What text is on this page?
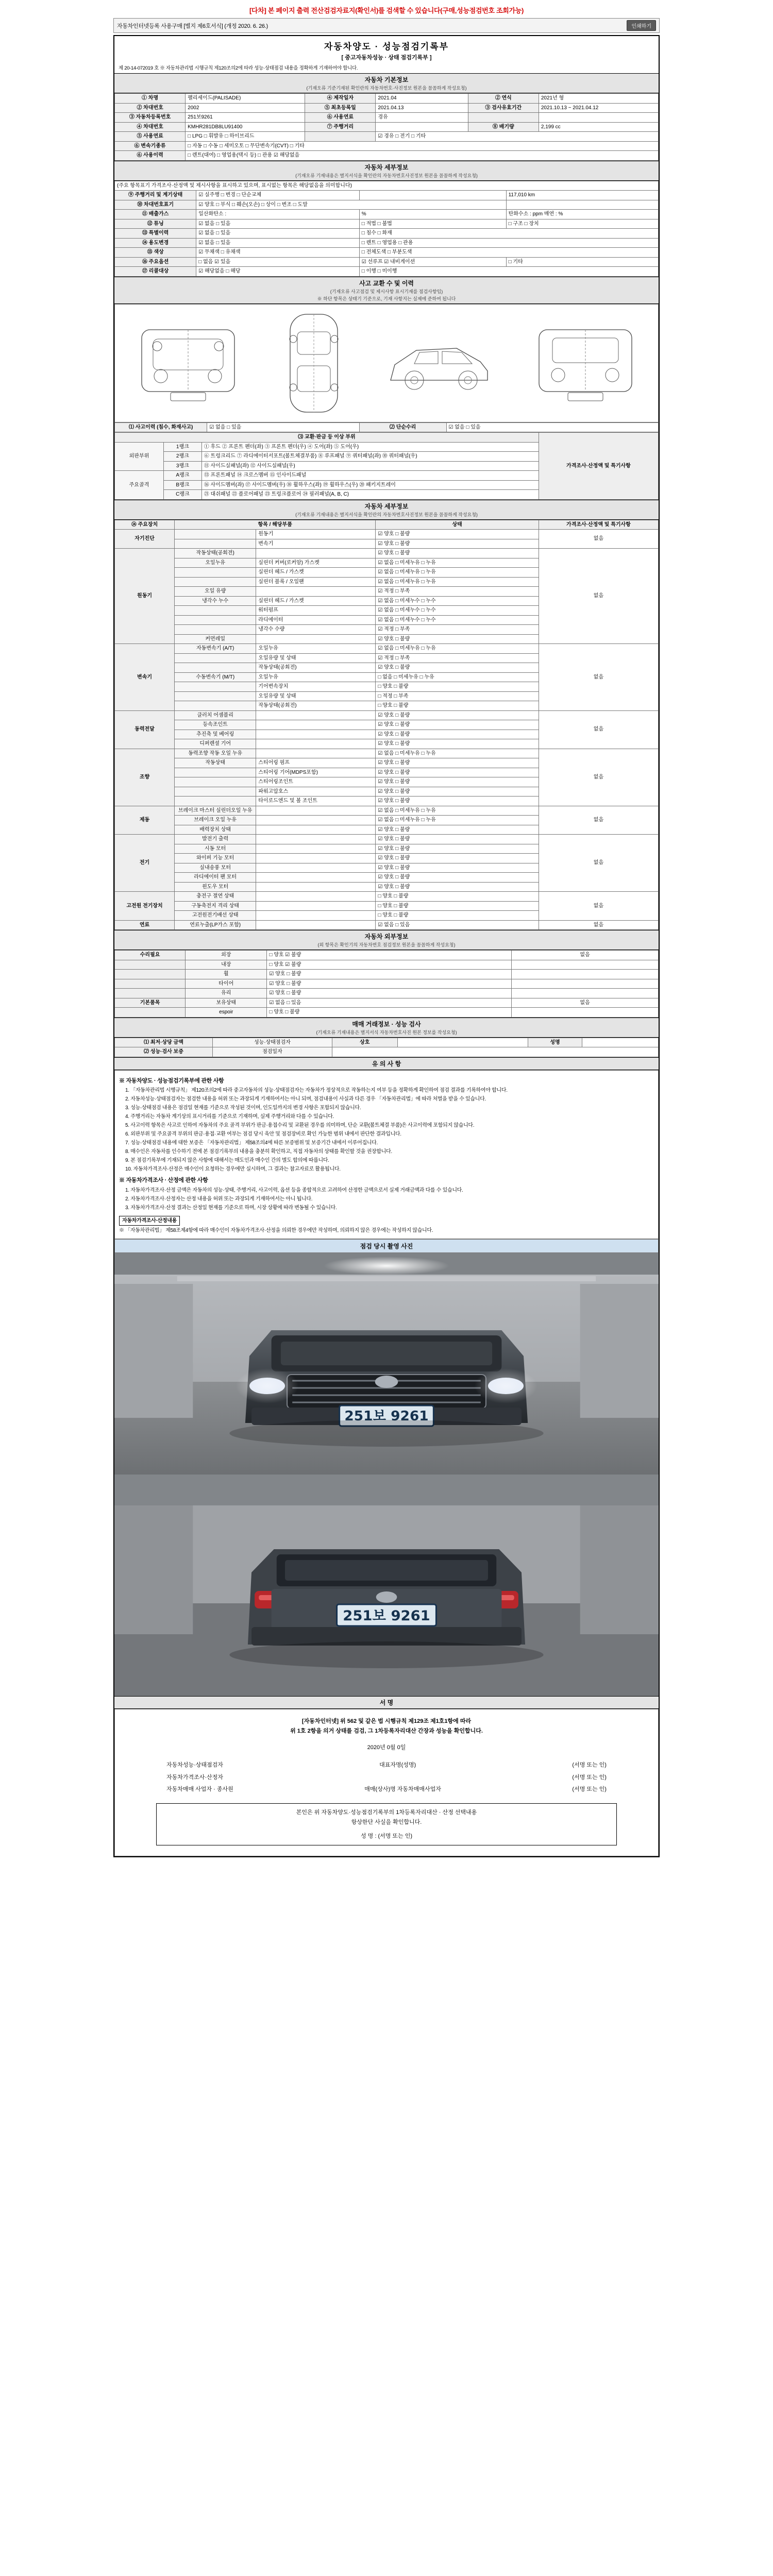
[다차] 본 페이지 출력 전산검검자료지(확인서)를 검색할 수 있습니다(구매,성능점검번호 조회가능)
자동차인터넷등록 사용구매 [별지 제6호서식] (개정 2020. 6. 26.)	인쇄하기
자동차양도 · 성능점검기록부
[ 중고자동차성능 · 상태 점검기록부 ]
제 20-14-072019 호 ※ 자동차관리법 시행규칙 제120조의2에 따라 성능·상태점검 내용을 정확하게 기재하여야 합니다.
자동차 기본정보
(기재오류 기준기재된 확인란의 자동차번호·사진정보 원본을 꼼꼼하게 작성요청)
① 차명	팰리세이드(PALISADE)	④ 제작일자	2021.04	② 연식	2021년 형
② 차대번호	2002	⑤ 최초등록일	2021.04.13	③ 검사유효기간	2021.10.13 ~ 2021.04.12
③ 자동차등록번호	251보9261	⑥ 사용연료	경유		
④ 차대번호	KMHR281DB8LU91400	⑦ 주행거리		⑧ 배기량	2,199 cc
⑤ 사용연료	□ LPG □ 휘발유 □ 하이브리드		☑ 경유 □ 전기 □ 기타		
⑥ 변속기종류	□ 자동 □ 수동 □ 세미오토 □ 무단변속기(CVT) □ 기타				
⑥ 사용이력	□ 렌트(대여) □ 영업용(택시 등) □ 관용 ☑ 해당없음				
자동차 세부정보
(기재오류 기재내용은 별지서식을 확인란의 자동차번호사진정보 원본을 꼼꼼하게 작성요청)
(주요 항목표기 가격조사·산정액 및 제시사항을 표시하고 있으며, 표시없는 항목은 해당없음을 의미합니다)			
⑨ 주행거리 및 계기상태	☑ 실주행 □ 변경 □ 단순교체		117,010 km
⑩ 차대번호표기	☑ 양호 □ 부식 □ 훼손(오손) □ 상이 □ 변조 □ 도말		
⑪ 배출가스	일산화탄소 :	%	탄화수소 : ppm 매연 : %
⑫ 튜닝	☑ 없음 □ 있음	□ 적법 □ 불법	□ 구조 □ 장치
⑬ 특별이력	☑ 없음 □ 있음	□ 침수 □ 화재	
⑭ 용도변경	☑ 없음 □ 있음	□ 렌트 □ 영업용 □ 관용	
⑮ 색상	☑ 무채색 □ 유채색	□ 전체도색 □ 부분도색	
⑯ 주요옵션	□ 없음 ☑ 있음	☑ 선루프 ☑ 내비게이션	□ 기타
⑰ 리콜대상	☑ 해당없음 □ 해당	□ 이행 □ 미이행	
사고 교환 수 및 이력
(기재오류 사고점검 및 제시사항 표시기재를 점검사항임)
※ 하단 항목은 상태기 기준으로, 기재 사항지는 실제에 준하여 됩니다
⑴ 사고이력 (침수, 화재사고)	☑ 없음 □ 있음	⑵ 단순수리	☑ 없음 □ 있음
⑶ 교환·판금 등 이상 부위			가격조사·산정액 및 특기사항
외판부위	1랭크	① 후드 ② 프론트 펜더(좌) ③ 프론트 펜더(우) ④ 도어(좌) ⑤ 도어(우)	
	2랭크	⑥ 트렁크리드 ⑦ 라디에이터서포트(볼트체결부품) ⑧ 루프패널 ⑨ 쿼터패널(좌) ⑩ 쿼터패널(우)	
	3랭크	⑪ 사이드실패널(좌) ⑫ 사이드실패널(우)	
주요골격	A랭크	⑬ 프론트패널 ⑭ 크로스멤버 ⑮ 인사이드패널	
	B랭크	⑯ 사이드멤버(좌) ⑰ 사이드멤버(우) ⑱ 휠하우스(좌) ⑲ 휠하우스(우) ⑳ 패키지트레이	
	C랭크	㉑ 대쉬패널 ㉒ 플로어패널 ㉓ 트렁크플로어 ㉔ 필러패널(A, B, C)	
자동차 세부정보
(기재오류 기재내용은 별지서식을 확인란의 자동차번호사진정보 원본을 꼼꼼하게 작성요청)
⑭ 주요장치	항목 / 해당부품		상태	가격조사·산정액 및 특기사항
자기진단		원동기	☑ 양호 □ 불량	없음
		변속기	☑ 양호 □ 불량	
원동기	작동상태(공회전)		☑ 양호 □ 불량	없음
	오일누유	실린더 커버(로커암) 가스켓	☑ 없음 □ 미세누유 □ 누유	
		실린더 헤드 / 가스켓	☑ 없음 □ 미세누유 □ 누유	
		실린더 블록 / 오일팬	☑ 없음 □ 미세누유 □ 누유	
	오일 유량		☑ 적정 □ 부족	
	냉각수 누수	실린더 헤드 / 가스켓	☑ 없음 □ 미세누수 □ 누수	
		워터펌프	☑ 없음 □ 미세누수 □ 누수	
		라디에이터	☑ 없음 □ 미세누수 □ 누수	
		냉각수 수량	☑ 적정 □ 부족	
	커먼레일		☑ 양호 □ 불량	
변속기	자동변속기 (A/T)	오일누유	☑ 없음 □ 미세누유 □ 누유	없음
		오일유량 및 상태	☑ 적정 □ 부족	
		작동상태(공회전)	☑ 양호 □ 불량	
	수동변속기 (M/T)	오일누유	□ 없음 □ 미세누유 □ 누유	
		기어변속장치	□ 양호 □ 불량	
		오일유량 및 상태	□ 적정 □ 부족	
		작동상태(공회전)	□ 양호 □ 불량	
동력전달	클러치 어셈블리		☑ 양호 □ 불량	없음
	등속조인트		☑ 양호 □ 불량	
	추진축 및 베어링		☑ 양호 □ 불량	
	디퍼렌셜 기어		☑ 양호 □ 불량	
조향	동력조향 작동 오일 누유		☑ 없음 □ 미세누유 □ 누유	없음
	작동상태	스티어링 펌프	☑ 양호 □ 불량	
		스티어링 기어(MDPS포함)	☑ 양호 □ 불량	
		스티어링조인트	☑ 양호 □ 불량	
		파워고압호스	☑ 양호 □ 불량	
		타이로드엔드 및 볼 조인트	☑ 양호 □ 불량	
제동	브레이크 마스터 실린더오일 누유		☑ 없음 □ 미세누유 □ 누유	없음
	브레이크 오일 누유		☑ 없음 □ 미세누유 □ 누유	
	배력장치 상태		☑ 양호 □ 불량	
전기	발전기 출력		☑ 양호 □ 불량	없음
	시동 모터		☑ 양호 □ 불량	
	와이퍼 기능 모터		☑ 양호 □ 불량	
	실내송풍 모터		☑ 양호 □ 불량	
	라디에이터 팬 모터		☑ 양호 □ 불량	
	윈도우 모터		☑ 양호 □ 불량	
고전원 전기장치	충전구 절연 상태		□ 양호 □ 불량	없음
	구동축전지 격리 상태		□ 양호 □ 불량	
	고전원전기배선 상태		□ 양호 □ 불량	
연료	연료누출(LP가스 포함)		☑ 없음 □ 있음	없음
자동차 외부정보
(외 항목은 확인기의 자동차번호 점검정보 원본을 꼼꼼하게 작성요청)
수리필요	외장	□ 양호 ☑ 불량	없음
	내장	□ 양호 ☑ 불량	
	휠	☑ 양호 □ 불량	
	타이어	☑ 양호 □ 불량	
	유리	☑ 양호 □ 불량	
기본품목	보유상태	☑ 없음 □ 있음	없음
	espoir	□ 양호 □ 불량	
매매 거래정보 · 성능 검사
(기재오류 기재내용은 별지서식 자동차번호사진 원본 정보를 작성요청)
⑴ 최저·상당 금액	성능·상태점검자	상호		성명	
⑵ 성능·검사 보증	점검일자				
유 의 사 항
※ 자동차양도 · 성능점검기록부에 관한 사항

1. 「자동차관리법 시행규칙」 제120조의2에 따라 중고자동차의 성능·상태점검자는 자동차가 정상적으로 작동하는지 여부 등을 정확하게 확인하여 점검 결과를 기록하여야 합니다.

2. 자동차성능·상태점검자는 점검한 내용을 허위 또는 과장되게 기재하여서는 아니 되며, 점검내용이 사실과 다른 경우 「자동차관리법」에 따라 처벌을 받을 수 있습니다.

3. 성능·상태점검 내용은 점검일 현재를 기준으로 작성된 것이며, 인도일까지의 변경 사항은 포함되지 않습니다.

4. 주행거리는 자동차 계기상의 표시거리를 기준으로 기재하며, 실제 주행거리와 다를 수 있습니다.

5. 사고이력 항목은 사고로 인하여 자동차의 주요 골격 부위가 판금·용접수리 및 교환된 경우를 의미하며, 단순 교환(볼트체결 부품)은 사고이력에 포함되지 않습니다.

6. 외판부위 및 주요골격 부위의 판금·용접·교환 여부는 점검 당시 육안 및 점검장비로 확인 가능한 범위 내에서 판단한 결과입니다.

7. 성능·상태점검 내용에 대한 보증은 「자동차관리법」 제58조의4에 따른 보증범위 및 보증기간 내에서 이루어집니다.

8. 매수인은 자동차를 인수하기 전에 본 점검기록부의 내용을 충분히 확인하고, 직접 자동차의 상태를 확인할 것을 권장합니다.

9. 본 점검기록부에 기재되지 않은 사항에 대해서는 매도인과 매수인 간의 별도 합의에 따릅니다.

10. 자동차가격조사·산정은 매수인이 요청하는 경우에만 실시하며, 그 결과는 참고자료로 활용됩니다.

※ 자동차가격조사 · 산정에 관한 사항

1. 자동차가격조사·산정 금액은 자동차의 성능·상태, 주행거리, 사고이력, 옵션 등을 종합적으로 고려하여 산정한 금액으로서 실제 거래금액과 다를 수 있습니다.

2. 자동차가격조사·산정자는 산정 내용을 허위 또는 과장되게 기재하여서는 아니 됩니다.

3. 자동차가격조사·산정 결과는 산정일 현재를 기준으로 하며, 시장 상황에 따라 변동될 수 있습니다.

자동차가격조사·산정내용

※ 「자동차관리법」 제58조제4항에 따라 매수인이 자동차가격조사·산정을 의뢰한 경우에만 작성하며, 의뢰하지 않은 경우에는 작성하지 않습니다.

점검 당시 촬영 사진
251보 9261
251보 9261
서 명
[자동차인터넷] 위 562 및 같은 법 시행규칙 제129조 제1호1항에 따라
위 1호 2항을 의거 상태를 검검, 그 1차등록자리대산 간장과 성능을 확인합니다.
2020년 0월 0일
자동차성능·상태점검자	대표자명(성명)	(서명 또는 인)
자동차가격조사·산정자	(서명 또는 인)
자동차매매 사업자 · 종사원	매매(상사)명 자동차매매사업자	(서명 또는 인)
본인은 위 자동차양도·성능점검기록부의 1차등록자리대산 · 산정 선택내용
항상한단 사실을 확인합니다.
성 명 : (서명 또는 인)
